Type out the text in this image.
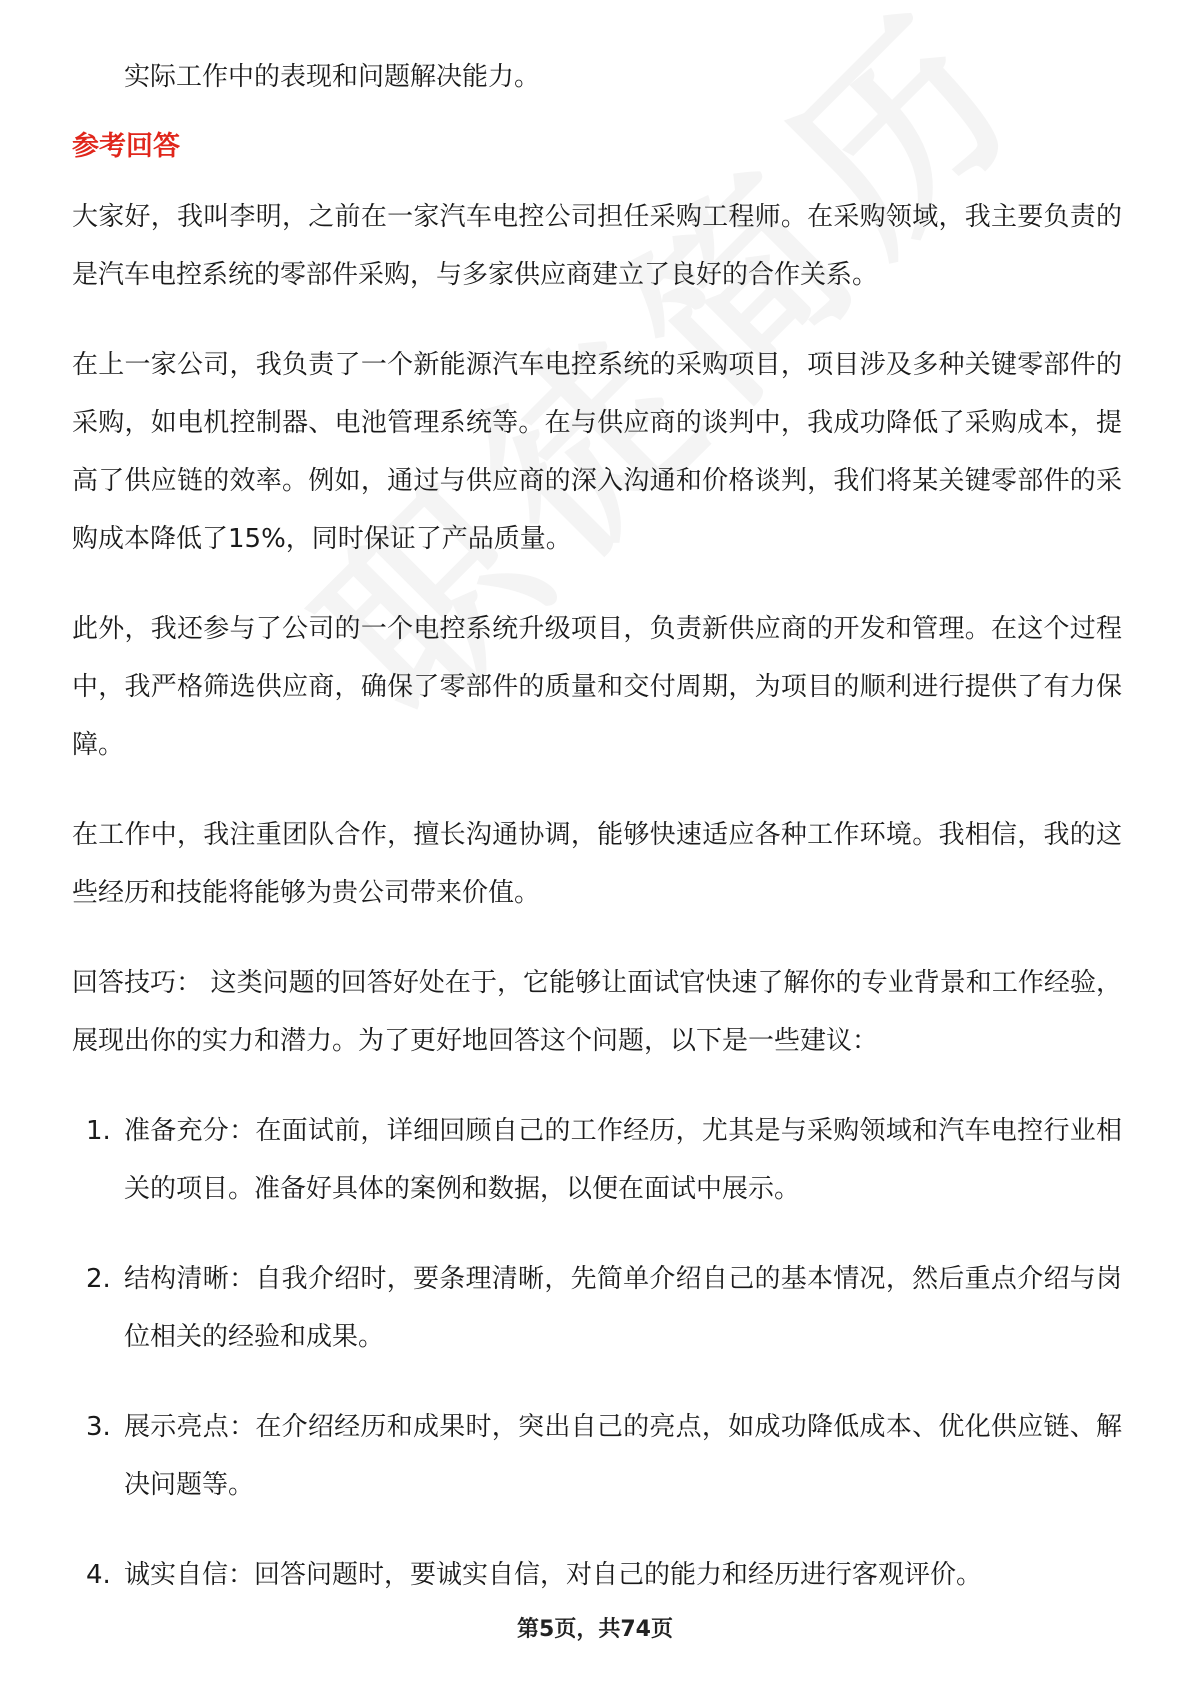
实际工作中的表现和问题解决能力。

参考回答

大家好，我叫李明，之前在一家汽车电控公司担任采购工程师。在采购领域，我主要负责的是汽车电控系统的零部件采购，与多家供应商建立了良好的合作关系。

在上一家公司，我负责了一个新能源汽车电控系统的采购项目，项目涉及多种关键零部件的采购，如电机控制器、电池管理系统等。在与供应商的谈判中，我成功降低了采购成本，提高了供应链的效率。例如，通过与供应商的深入沟通和价格谈判，我们将某关键零部件的采购成本降低了15%，同时保证了产品质量。

此外，我还参与了公司的一个电控系统升级项目，负责新供应商的开发和管理。在这个过程中，我严格筛选供应商，确保了零部件的质量和交付周期，为项目的顺利进行提供了有力保障。

在工作中，我注重团队合作，擅长沟通协调，能够快速适应各种工作环境。我相信，我的这些经历和技能将能够为贵公司带来价值。

回答技巧： 这类问题的回答好处在于，它能够让面试官快速了解你的专业背景和工作经验，展现出你的实力和潜力。为了更好地回答这个问题，以下是一些建议：

1. 准备充分：在面试前，详细回顾自己的工作经历，尤其是与采购领域和汽车电控行业相关的项目。准备好具体的案例和数据，以便在面试中展示。
2. 结构清晰：自我介绍时，要条理清晰，先简单介绍自己的基本情况，然后重点介绍与岗位相关的经验和成果。
3. 展示亮点：在介绍经历和成果时，突出自己的亮点，如成功降低成本、优化供应链、解决问题等。
4. 诚实自信：回答问题时，要诚实自信，对自己的能力和经历进行客观评价。
第5页，共74页
